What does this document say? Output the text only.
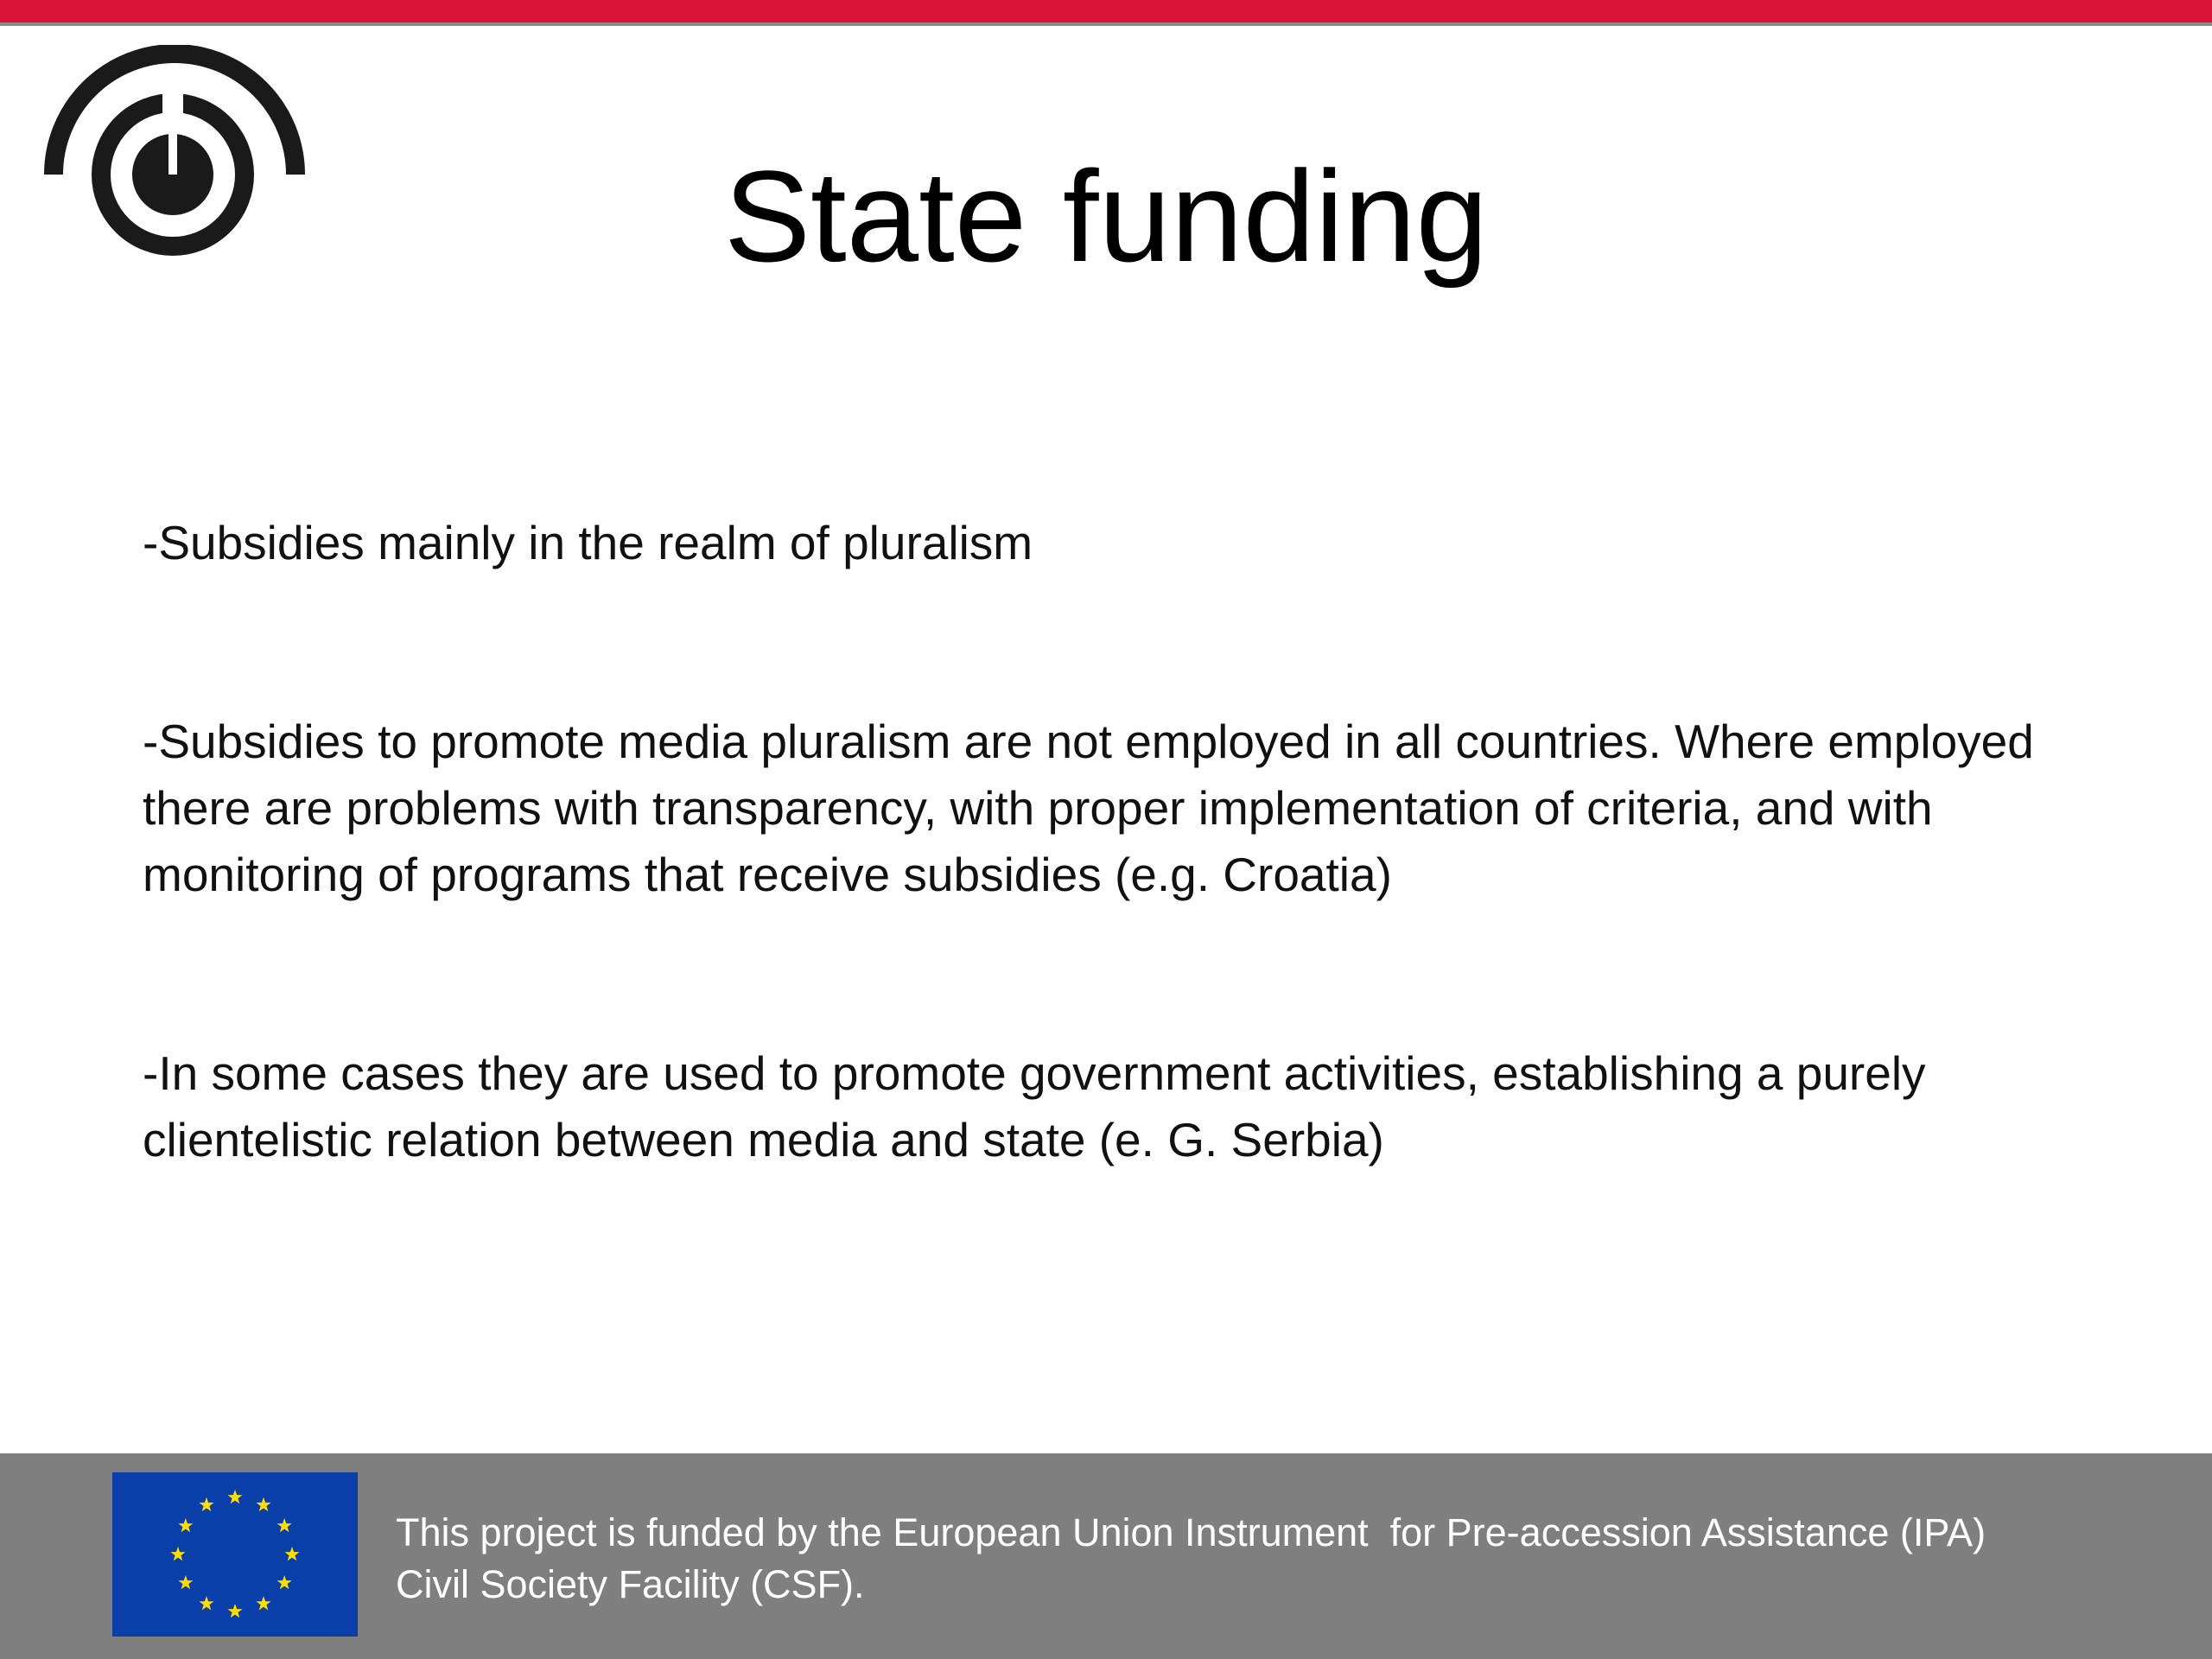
State funding

-Subsidies mainly in the realm of pluralism

-Subsidies to promote media pluralism are not employed in all countries. Where employed there are problems with transparency, with proper implementation of criteria, and with monitoring of programs that receive subsidies (e.g. Croatia)

-In some cases they are used to promote government activities, establishing a purely clientelistic relation between media and state (e. G. Serbia)

This project is funded by the European Union Instrument  for Pre-accession Assistance (IPA)
Civil Society Facility (CSF).
